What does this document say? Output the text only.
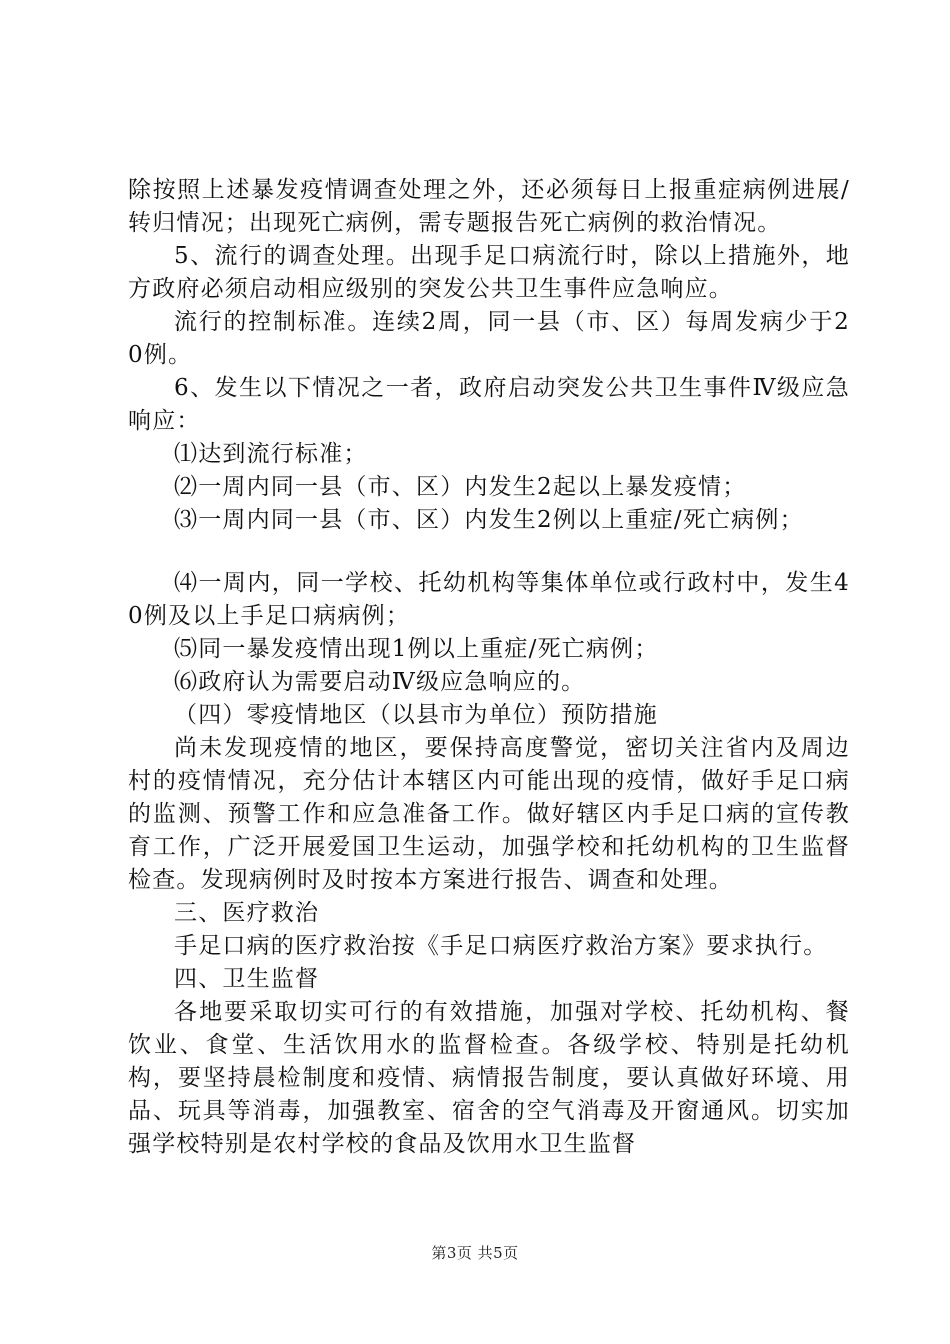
除按照上述暴发疫情调查处理之外，还必须每日上报重症病例进展/转归情况；出现死亡病例，需专题报告死亡病例的救治情况。

5、流行的调查处理。出现手足口病流行时，除以上措施外，地方政府必须启动相应级别的突发公共卫生事件应急响应。

流行的控制标准。连续2周，同一县（市、区）每周发病少于20例。

6、发生以下情况之一者，政府启动突发公共卫生事件Ⅳ级应急响应：

⑴达到流行标准；

⑵一周内同一县（市、区）内发生2起以上暴发疫情；

⑶一周内同一县（市、区）内发生2例以上重症/死亡病例；

⑷一周内，同一学校、托幼机构等集体单位或行政村中，发生40例及以上手足口病病例；

⑸同一暴发疫情出现1例以上重症/死亡病例；

⑹政府认为需要启动Ⅳ级应急响应的。

（四）零疫情地区（以县市为单位）预防措施

尚未发现疫情的地区，要保持高度警觉，密切关注省内及周边村的疫情情况，充分估计本辖区内可能出现的疫情，做好手足口病的监测、预警工作和应急准备工作。做好辖区内手足口病的宣传教育工作，广泛开展爱国卫生运动，加强学校和托幼机构的卫生监督检查。发现病例时及时按本方案进行报告、调查和处理。

三、医疗救治

手足口病的医疗救治按《手足口病医疗救治方案》要求执行。

四、卫生监督

各地要采取切实可行的有效措施，加强对学校、托幼机构、餐饮业、食堂、生活饮用水的监督检查。各级学校、特别是托幼机构，要坚持晨检制度和疫情、病情报告制度，要认真做好环境、用品、玩具等消毒，加强教室、宿舍的空气消毒及开窗通风。切实加强学校特别是农村学校的食品及饮用水卫生监督

第3页 共5页
